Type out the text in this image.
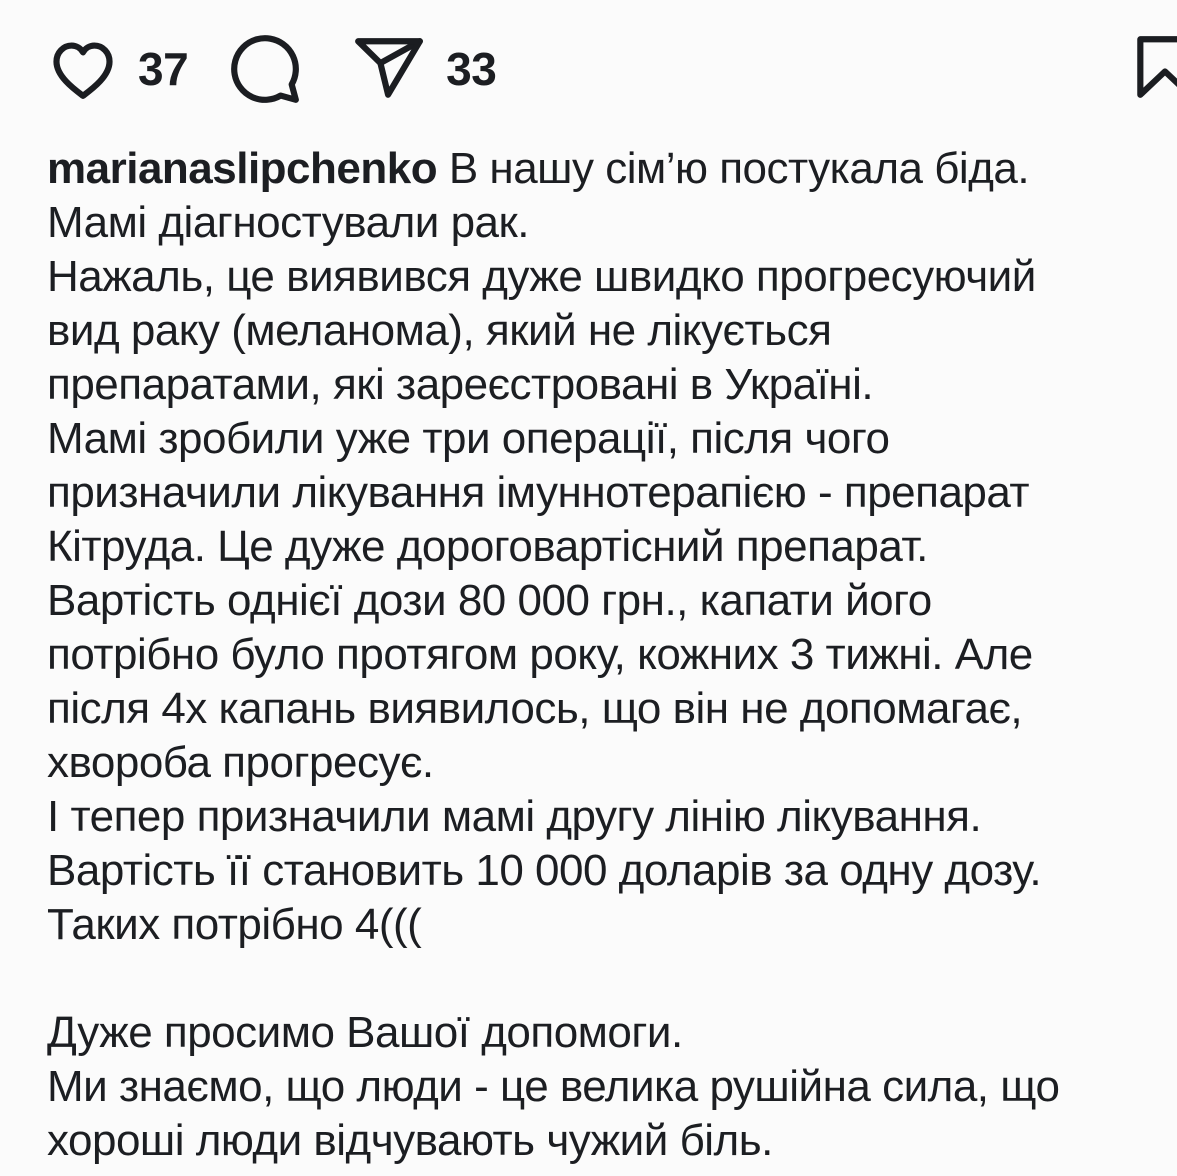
37	33
marianaslipchenko В нашу сім’ю постукала біда.
Мамі діагностували рак.
Нажаль, це виявився дуже швидко прогресуючий
вид раку (меланома), який не лікується
препаратами, які зареєстровані в Україні.
Мамі зробили уже три операції, після чого
призначили лікування імуннотерапією - препарат
Кітруда. Це дуже дороговартісний препарат.
Вартість однієї дози 80 000 грн., капати його
потрібно було протягом року, кожних 3 тижні. Але
після 4х капань виявилось, що він не допомагає,
хвороба прогресує.
І тепер призначили мамі другу лінію лікування.
Вартість її становить 10 000 доларів за одну дозу.
Таких потрібно 4(((
Дуже просимо Вашої допомоги.
Ми знаємо, що люди - це велика рушійна сила, що
хороші люди відчувають чужий біль.
